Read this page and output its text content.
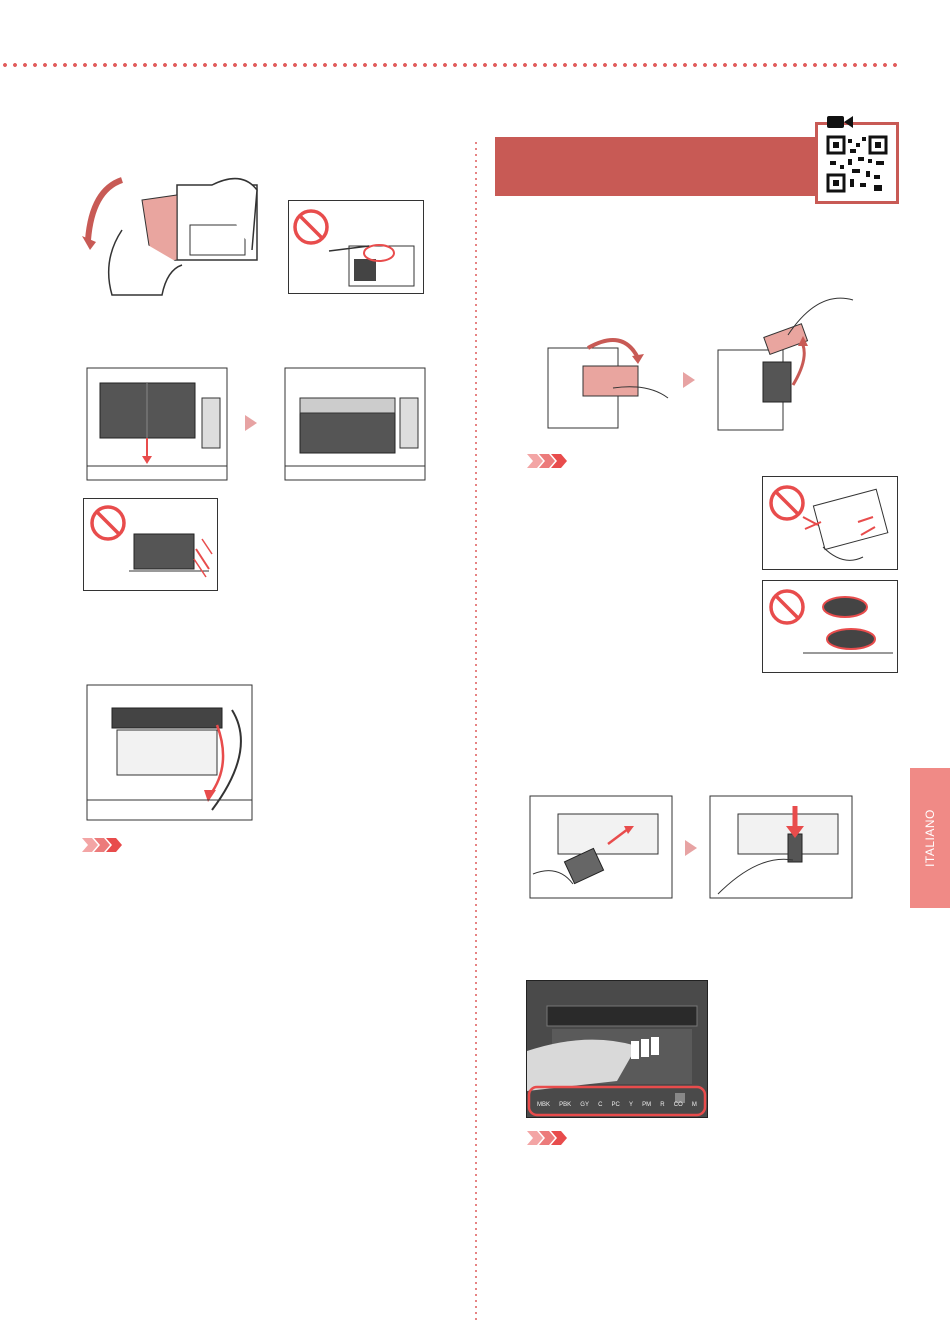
MBK PBK GY C PC Y PM R CO M
ITALIANO
